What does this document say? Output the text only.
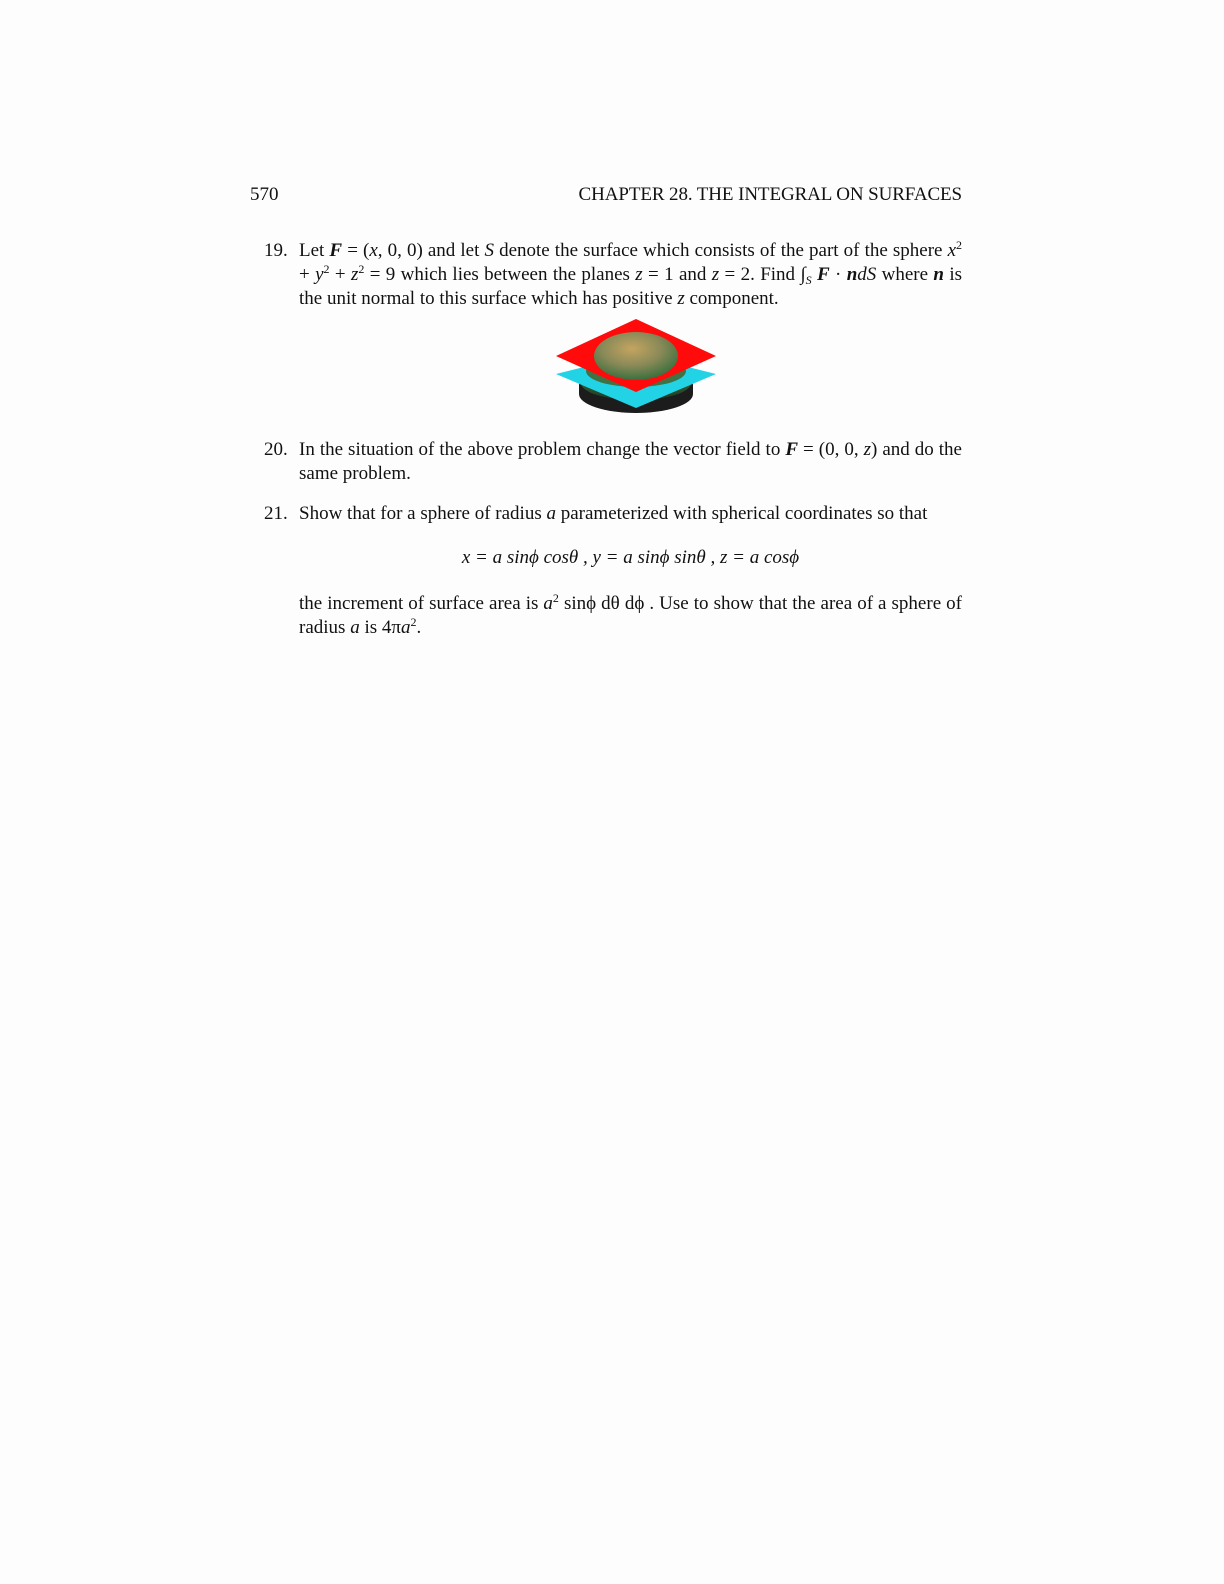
570	CHAPTER 28. THE INTEGRAL ON SURFACES
19. Let F = (x, 0, 0) and let S denote the surface which consists of the part of the sphere $x^2 + y^2 + z^2 = 9$ which lies between the planes z = 1 and z = 2. Find $\int_S$ F · ndS where n is the unit normal to this surface which has positive z component.

20. In the situation of the above problem change the vector field to F = (0, 0, z) and do the same problem.

21. Show that for a sphere of radius a parameterized with spherical coordinates so that

x = a sinϕ cosθ , y = a sinϕ sinθ , z = a cosϕ

the increment of surface area is $a^2$ sinϕ dθ dϕ . Use to show that the area of a sphere of radius a is $4\pi a^2$.
